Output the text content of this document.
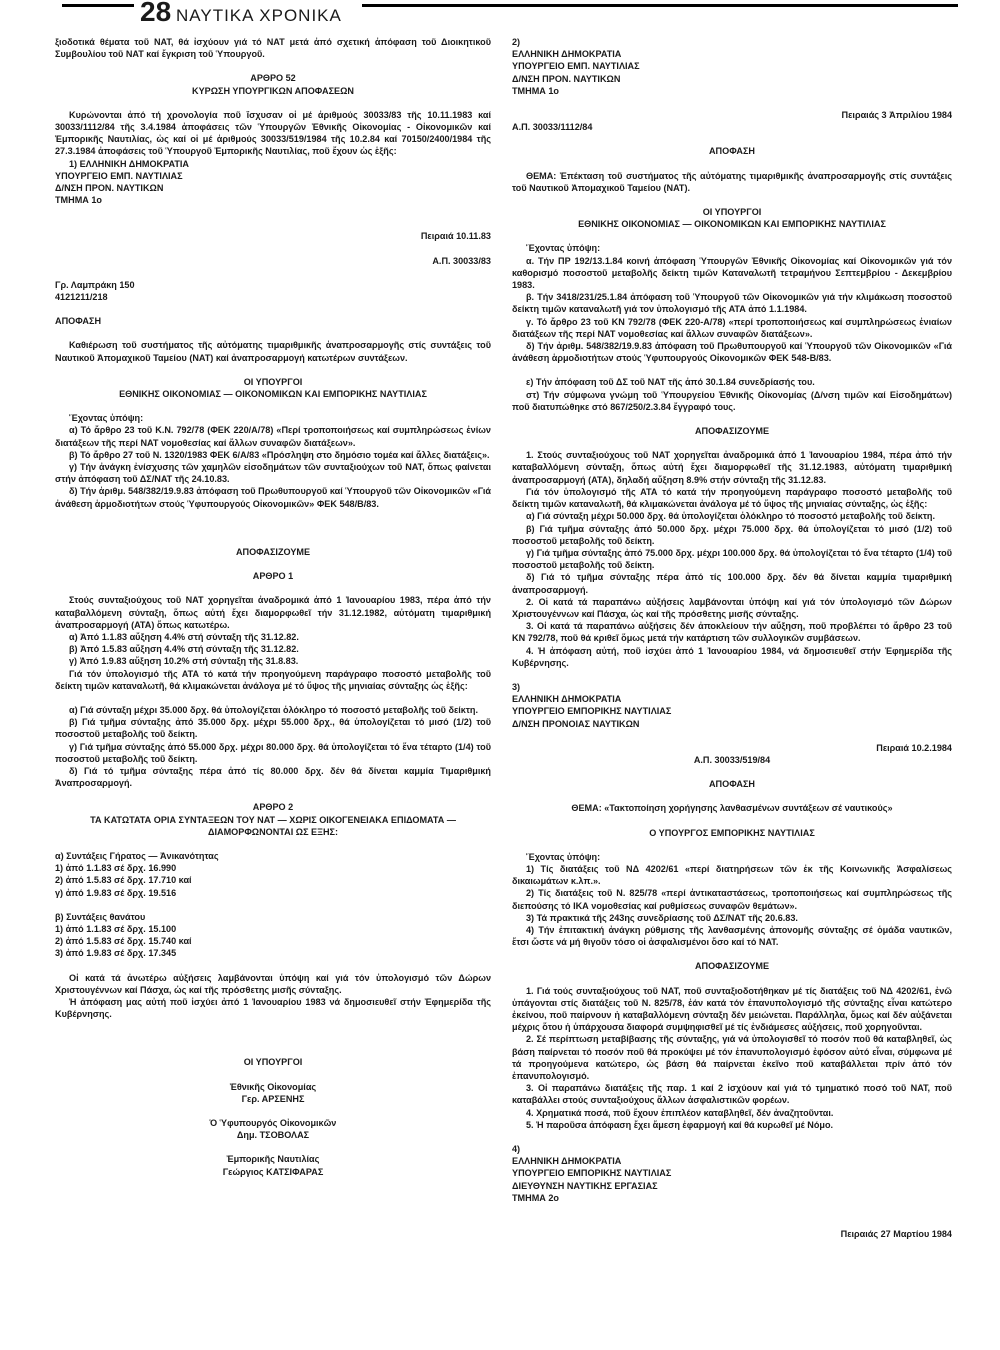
28 ΝΑΥΤΙΚΑ ΧΡΟΝΙΚΑ
ξιοδοτικά θέματα τοῦ ΝΑΤ, θά ἰσχύουν γιά τό ΝΑΤ μετά ἀπό σχετική ἀπόφαση τοῦ Διοικητικοῦ Συμβουλίου τοῦ ΝΑΤ καί ἔγκριση τοῦ Ὑπουργοῦ.
ΑΡΘΡΟ 52
ΚΥΡΩΣΗ ΥΠΟΥΡΓΙΚΩΝ ΑΠΟΦΑΣΕΩΝ
Κυρώνονται ἀπό τή χρονολογία ποῦ ἴσχυσαν οἱ μέ ἀριθμούς 30033/83 τῆς 10.11.1983 καί 30033/1112/84 τῆς 3.4.1984 ἀποφάσεις τῶν Ὑπουργῶν Ἐθνικῆς Οἰκονομίας - Οἰκονομικῶν καί Ἐμπορικῆς Ναυτιλίας, ὡς καί οἱ μέ ἀριθμούς 30033/519/1984 τῆς 10.2.84 καί 70150/2400/1984 τῆς 27.3.1984 ἀποφάσεις τοῦ Ὑπουργοῦ Ἐμπορικῆς Ναυτιλίας, ποῦ ἔχουν ὡς ἑξῆς:
1) ΕΛΛΗΝΙΚΗ ΔΗΜΟΚΡΑΤΙΑ
ΥΠΟΥΡΓΕΙΟ ΕΜΠ. ΝΑΥΤΙΛΙΑΣ
Δ/ΝΣΗ ΠΡΟΝ. ΝΑΥΤΙΚΩΝ
ΤΜΗΜΑ 1ο
Πειραιά 10.11.83
Α.Π. 30033/83
Γρ. Λαμπράκη 150
4121211/218
ΑΠΟΦΑΣΗ
Καθιέρωση τοῦ συστήματος τῆς αὐτόματης τιμαριθμικῆς ἀναπροσαρμογῆς στίς συντάξεις τοῦ Ναυτικοῦ Ἀπομαχικοῦ Ταμείου (ΝΑΤ) καί ἀναπροσαρμογή κατωτέρων συντάξεων.
ΟΙ ΥΠΟΥΡΓΟΙ
ΕΘΝΙΚΗΣ ΟΙΚΟΝΟΜΙΑΣ — ΟΙΚΟΝΟΜΙΚΩΝ ΚΑΙ ΕΜΠΟΡΙΚΗΣ ΝΑΥΤΙΛΙΑΣ
Ἔχοντας ὑπόψη:
α) Τό ἄρθρο 23 τοῦ Κ.Ν. 792/78 (ΦΕΚ 220/Α/78) «Περί τροποποιήσεως καί συμπληρώσεως ἐνίων διατάξεων τῆς περί ΝΑΤ νομοθεσίας καί ἄλλων συναφῶν διατάξεων».
β) Τό ἄρθρο 27 τοῦ Ν. 1320/1983 ΦΕΚ 6/Α/83 «Πρόσληψη στο δημόσιο τομέα καί ἄλλες διατάξεις».
γ) Τήν ἀνάγκη ἐνίσχυσης τῶν χαμηλῶν εἰσοδημάτων τῶν συνταξιούχων τοῦ ΝΑΤ, ὅπως φαίνεται στήν ἀπόφαση τοῦ ΔΣ/ΝΑΤ τῆς 24.10.83.
δ) Τήν ἀριθμ. 548/382/19.9.83 ἀπόφαση τοῦ Πρωθυπουργοῦ καί Ὑπουργοῦ τῶν Οἰκονομικῶν «Γιά ἀνάθεση ἁρμοδιοτήτων στούς Ὑφυπουργούς Οἰκονομικῶν» ΦΕΚ 548/Β/83.
ΑΠΟΦΑΣΙΖΟΥΜΕ
ΑΡΘΡΟ 1
Στούς συνταξιούχους τοῦ ΝΑΤ χορηγεῖται ἀναδρομικά ἀπό 1 Ἰανουαρίου 1983, πέρα ἀπό τήν καταβαλλόμενη σύνταξη, ὅπως αὐτή ἔχει διαμορφωθεῖ τήν 31.12.1982, αὐτόματη τιμαριθμική ἀναπροσαρμογή (ΑΤΑ) ὅπως κατωτέρω.
α) Ἀπό 1.1.83 αὔξηση 4.4% στή σύνταξη τῆς 31.12.82.
β) Ἀπό 1.5.83 αὔξηση 4.4% στή σύνταξη τῆς 31.12.82.
γ) Ἀπό 1.9.83 αὔξηση 10.2% στή σύνταξη τῆς 31.8.83.
Γιά τόν ὑπολογισμό τῆς ΑΤΑ τό κατά τήν προηγούμενη παράγραφο ποσοστό μεταβολῆς τοῦ δείκτη τιμῶν καταναλωτῆ, θά κλιμακώνεται ἀνάλογα μέ τό ὕψος τῆς μηνιαίας σύνταξης ὡς ἑξῆς:
α) Γιά σύνταξη μέχρι 35.000 δρχ. θά ὑπολογίζεται ὁλόκληρο τό ποσοστό μεταβολῆς τοῦ δείκτη.
β) Γιά τμῆμα σύνταξης ἀπό 35.000 δρχ. μέχρι 55.000 δρχ., θά ὑπολογίζεται τό μισό (1/2) τοῦ ποσοστοῦ μεταβολῆς τοῦ δείκτη.
γ) Γιά τμῆμα σύνταξης ἀπό 55.000 δρχ. μέχρι 80.000 δρχ. θά ὑπολογίζεται τό ἕνα τέταρτο (1/4) τοῦ ποσοστοῦ μεταβολῆς τοῦ δείκτη.
δ) Γιά τό τμῆμα σύνταξης πέρα ἀπό τίς 80.000 δρχ. δέν θά δίνεται καμμία Τιμαριθμική Ἀναπροσαρμογή.
ΑΡΘΡΟ 2
ΤΑ ΚΑΤΩΤΑΤΑ ΟΡΙΑ ΣΥΝΤΑΞΕΩΝ ΤΟΥ ΝΑΤ — ΧΩΡΙΣ ΟΙΚΟΓΕΝΕΙΑΚΑ ΕΠΙΔΟΜΑΤΑ — ΔΙΑΜΟΡΦΩΝΟΝΤΑΙ ΩΣ ΕΞΗΣ:
α) Συντάξεις Γήρατος — Ἀνικανότητας
1) ἀπό 1.1.83 σέ δρχ. 16.990
2) ἀπό 1.5.83 σέ δρχ. 17.710 καί
γ) ἀπό 1.9.83 σέ δρχ. 19.516
β) Συντάξεις θανάτου
1) ἀπό 1.1.83 σέ δρχ. 15.100
2) ἀπό 1.5.83 σέ δρχ. 15.740 καί
3) ἀπό 1.9.83 σέ δρχ. 17.345
Οἱ κατά τά ἀνωτέρω αὐξήσεις λαμβάνονται ὑπόψη καί γιά τόν ὑπολογισμό τῶν Δώρων Χριστουγέννων καί Πάσχα, ὡς καί τῆς πρόσθετης μισῆς σύνταξης.
Ἡ ἀπόφαση μας αὐτή ποῦ ἰσχύει ἀπό 1 Ἰανουαρίου 1983 νά δημοσιευθεῖ στήν Ἐφημερίδα τῆς Κυβέρνησης.
ΟΙ ΥΠΟΥΡΓΟΙ
Ἐθνικῆς Οἰκονομίας
Γερ. ΑΡΣΕΝΗΣ
Ὁ Ὑφυπουργός Οἰκονομικῶν
Δημ. ΤΣΟΒΟΛΑΣ
Ἐμπορικῆς Ναυτιλίας
Γεώργιος ΚΑΤΣΙΦΑΡΑΣ
2)
ΕΛΛΗΝΙΚΗ ΔΗΜΟΚΡΑΤΙΑ
ΥΠΟΥΡΓΕΙΟ ΕΜΠ. ΝΑΥΤΙΛΙΑΣ
Δ/ΝΣΗ ΠΡΟΝ. ΝΑΥΤΙΚΩΝ
ΤΜΗΜΑ 1ο
Πειραιάς 3 Ἀπριλίου 1984
Α.Π. 30033/1112/84
ΑΠΟΦΑΣΗ
ΘΕΜΑ: Ἐπέκταση τοῦ συστήματος τῆς αὐτόματης τιμαριθμικῆς ἀναπροσαρμογῆς στίς συντάξεις τοῦ Ναυτικοῦ Ἀπομαχικοῦ Ταμείου (ΝΑΤ).
ΟΙ ΥΠΟΥΡΓΟΙ
ΕΘΝΙΚΗΣ ΟΙΚΟΝΟΜΙΑΣ — ΟΙΚΟΝΟΜΙΚΩΝ ΚΑΙ ΕΜΠΟΡΙΚΗΣ ΝΑΥΤΙΛΙΑΣ
Ἔχοντας ὑπόψη:
α. Τήν ΠΡ 192/13.1.84 κοινή ἀπόφαση Ὑπουργῶν Ἐθνικῆς Οἰκονομίας καί Οἰκονομικῶν γιά τόν καθορισμό ποσοστοῦ μεταβολῆς δείκτη τιμῶν Καταναλωτῆ τετραμήνου Σεπτεμβρίου - Δεκεμβρίου 1983.
β. Τήν 3418/231/25.1.84 ἀπόφαση τοῦ Ὑπουργοῦ τῶν Οἰκονομικῶν γιά τήν κλιμάκωση ποσοστοῦ δείκτη τιμῶν καταναλωτῆ γιά τον ὑπολογισμό τῆς ΑΤΑ ἀπό 1.1.1984.
γ. Τό ἄρθρο 23 τοῦ ΚΝ 792/78 (ΦΕΚ 220-Α/78) «περί τροποποιήσεως καί συμπληρώσεως ἐνιαίων διατάξεων τῆς περί ΝΑΤ νομοθεσίας καί ἄλλων συναφῶν διατάξεων».
δ) Τήν ἀριθμ. 548/382/19.9.83 ἀπόφαση τοῦ Πρωθυπουργοῦ καί Ὑπουργοῦ τῶν Οἰκονομικῶν «Γιά ἀνάθεση ἁρμοδιοτήτων στούς Ὑφυπουργούς Οἰκονομικῶν ΦΕΚ 548-Β/83.
ε) Τήν ἀπόφαση τοῦ ΔΣ τοῦ ΝΑΤ τῆς ἀπό 30.1.84 συνεδρίασής του.
στ) Τήν σύμφωνα γνώμη τοῦ Ὑπουργείου Ἐθνικῆς Οἰκονομίας (Δ/νση τιμῶν καί Εἰσοδημάτων) ποῦ διατυπώθηκε στό 867/250/2.3.84 ἔγγραφό τους.
ΑΠΟΦΑΣΙΖΟΥΜΕ
1. Στούς συνταξιούχους τοῦ ΝΑΤ χορηγεῖται ἀναδρομικά ἀπό 1 Ἰανουαρίου 1984, πέρα ἀπό τήν καταβαλλόμενη σύνταξη, ὅπως αὐτή ἔχει διαμορφωθεῖ τῆς 31.12.1983, αὐτόματη τιμαριθμική ἀναπροσαρμογή (ΑΤΑ), δηλαδή αὔξηση 8.9% στήν σύνταξη τῆς 31.12.83.
Γιά τόν ὑπολογισμό τῆς ΑΤΑ τό κατά τήν προηγούμενη παράγραφο ποσοστό μεταβολῆς τοῦ δείκτη τιμῶν καταναλωτῆ, θά κλιμακώνεται ἀνάλογα μέ τό ὕψος τῆς μηνιαίας σύνταξης, ὡς ἑξῆς:
α) Γιά σύνταξη μέχρι 50.000 δρχ. θά ὑπολογίζεται ὁλόκληρο τό ποσοστό μεταβολῆς τοῦ δείκτη.
β) Γιά τμῆμα σύνταξης ἀπό 50.000 δρχ. μέχρι 75.000 δρχ. θά ὑπολογίζεται τό μισό (1/2) τοῦ ποσοστοῦ μεταβολῆς τοῦ δείκτη.
γ) Γιά τμῆμα σύνταξης ἀπό 75.000 δρχ. μέχρι 100.000 δρχ. θά ὑπολογίζεται τό ἕνα τέταρτο (1/4) τοῦ ποσοστοῦ μεταβολῆς τοῦ δείκτη.
δ) Γιά τό τμῆμα σύνταξης πέρα ἀπό τίς 100.000 δρχ. δέν θά δίνεται καμμία τιμαριθμική ἀναπροσαρμογή.
2. Οἱ κατά τά παραπάνω αὐξήσεις λαμβάνονται ὑπόψη καί γιά τόν ὑπολογισμό τῶν Δώρων Χριστουγέννων καί Πάσχα, ὡς καί τῆς πρόσθετης μισῆς σύνταξης.
3. Οἱ κατά τά παραπάνω αὐξήσεις δέν ἀποκλείουν τήν αὔξηση, ποῦ προβλέπει τό ἄρθρο 23 τοῦ ΚΝ 792/78, ποῦ θά κριθεῖ ὅμως μετά τήν κατάρτιση τῶν συλλογικῶν συμβάσεων.
4. Ἡ ἀπόφαση αὐτή, ποῦ ἰσχύει ἀπό 1 Ἰανουαρίου 1984, νά δημοσιευθεῖ στήν Ἐφημερίδα τῆς Κυβέρνησης.
3)
ΕΛΛΗΝΙΚΗ ΔΗΜΟΚΡΑΤΙΑ
ΥΠΟΥΡΓΕΙΟ ΕΜΠΟΡΙΚΗΣ ΝΑΥΤΙΛΙΑΣ
Δ/ΝΣΗ ΠΡΟΝΟΙΑΣ ΝΑΥΤΙΚΩΝ
Πειραιά 10.2.1984
Α.Π. 30033/519/84
ΑΠΟΦΑΣΗ
ΘΕΜΑ: «Τακτοποίηση χορήγησης λανθασμένων συντάξεων σέ ναυτικούς»
Ο ΥΠΟΥΡΓΟΣ ΕΜΠΟΡΙΚΗΣ ΝΑΥΤΙΛΙΑΣ
Ἔχοντας ὑπόψη:
1) Τίς διατάξεις τοῦ ΝΔ 4202/61 «περί διατηρήσεων τῶν ἐκ τῆς Κοινωνικῆς Ἀσφαλίσεως δικαιωμάτων κ.λπ.».
2) Τίς διατάξεις τοῦ Ν. 825/78 «περί ἀντικαταστάσεως, τροποποιήσεως καί συμπληρώσεως τῆς διεπούσης τό ΙΚΑ νομοθεσίας καί ρυθμίσεως συναφῶν θεμάτων».
3) Τά πρακτικά τῆς 243ης συνεδρίασης τοῦ ΔΣ/ΝΑΤ τῆς 20.6.83.
4) Τήν ἐπιτακτική ἀνάγκη ρύθμισης τῆς λανθασμένης ἀπονομῆς σύνταξης σέ ὁμάδα ναυτικῶν, ἔτσι ὥστε νά μή θιγοῦν τόσο οἱ ἀσφαλισμένοι ὅσο καί τό ΝΑΤ.
ΑΠΟΦΑΣΙΖΟΥΜΕ
1. Γιά τούς συνταξιούχους τοῦ ΝΑΤ, ποῦ συνταξιοδοτήθηκαν μέ τίς διατάξεις τοῦ ΝΔ 4202/61, ἐνῶ ὑπάγονται στίς διατάξεις τοῦ Ν. 825/78, ἐάν κατά τόν ἐπανυπολογισμό τῆς σύνταξης εἶναι κατώτερο ἐκείνου, ποῦ παίρνουν ἡ καταβαλλόμενη σύνταξη δέν μειώνεται. Παράλληλα, ὅμως καί δέν αὐξάνεται μέχρις ὅτου ἡ ὑπάρχουσα διαφορά συμψηφισθεῖ μέ τίς ἐνδιάμεσες αὐξήσεις, ποῦ χορηγοῦνται.
2. Σέ περίπτωση μεταβίβασης τῆς σύνταξης, γιά νά ὑπολογισθεῖ τό ποσόν ποῦ θά καταβληθεῖ, ὡς βάση παίρνεται τό ποσόν ποῦ θά προκύψει μέ τόν ἐπανυπολογισμό ἐφόσον αὐτό εἶναι, σύμφωνα μέ τά προηγούμενα κατώτερο, ὡς βάση θά παίρνεται ἐκεῖνο ποῦ καταβάλλεται πρίν ἀπό τόν ἐπανυπολογισμό.
3. Οἱ παραπάνω διατάξεις τῆς παρ. 1 καί 2 ἰσχύουν καί γιά τό τμηματικό ποσό τοῦ ΝΑΤ, ποῦ καταβάλλει στούς συνταξιούχους ἄλλων ἀσφαλιστικῶν φορέων.
4. Χρηματικά ποσά, ποῦ ἔχουν ἐπιπλέον καταβληθεῖ, δέν ἀναζητοῦνται.
5. Ἡ παροῦσα ἀπόφαση ἔχει ἄμεση ἐφαρμογή καί θά κυρωθεῖ μέ Νόμο.
4)
ΕΛΛΗΝΙΚΗ ΔΗΜΟΚΡΑΤΙΑ
ΥΠΟΥΡΓΕΙΟ ΕΜΠΟΡΙΚΗΣ ΝΑΥΤΙΛΙΑΣ
ΔΙΕΥΘΥΝΣΗ ΝΑΥΤΙΚΗΣ ΕΡΓΑΣΙΑΣ
ΤΜΗΜΑ 2ο
Πειραιάς 27 Μαρτίου 1984
